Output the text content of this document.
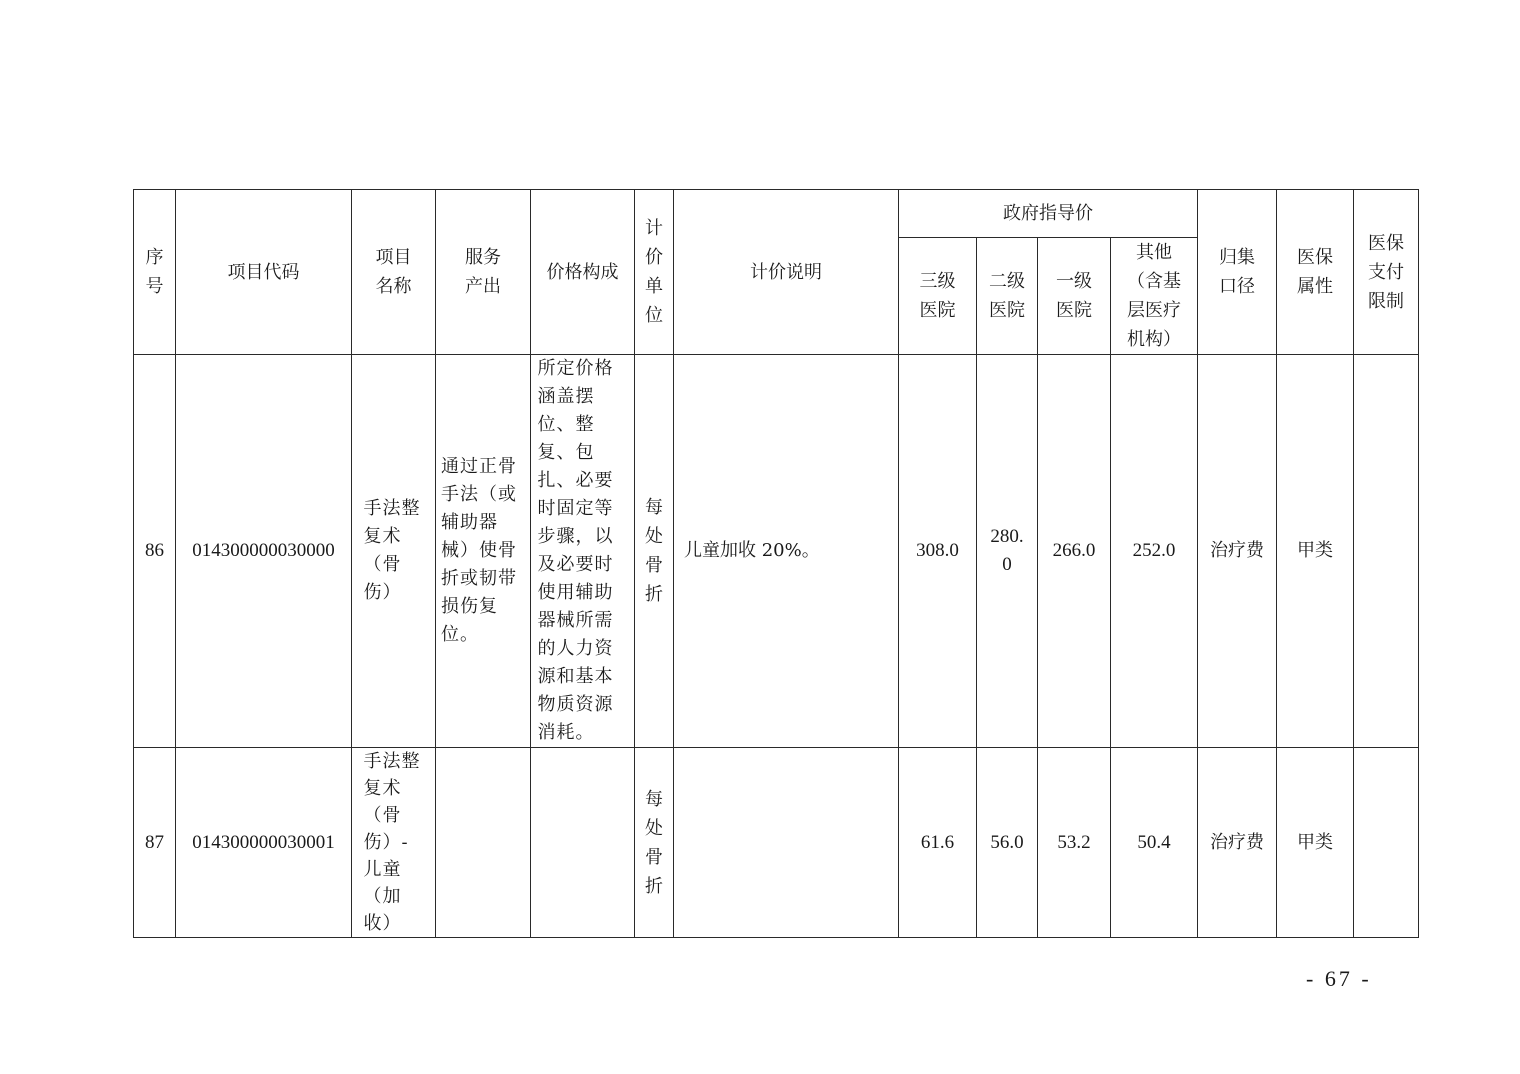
序号	项目代码	项目名称	服务产出	价格构成	计价单位	计价说明	政府指导价				归集口径	医保属性	医保支付限制

							三级医院	二级医院	一级医院	其他（含基层医疗机构）			

86	014300000030000	手法整复术（骨伤）	通过正骨手法（或辅助器械）使骨折或韧带损伤复位。	所定价格涵盖摆位、整复、包扎、必要时固定等步骤，以及必要时使用辅助器械所需的人力资源和基本物质资源消耗。	每处骨折	儿童加收 20%。	308.0	280.0	266.0	252.0	治疗费	甲类	
87	014300000030001	手法整复术（骨伤）-儿童（加收）			每处骨折		61.6	56.0	53.2	50.4	治疗费	甲类	
- 67 -
